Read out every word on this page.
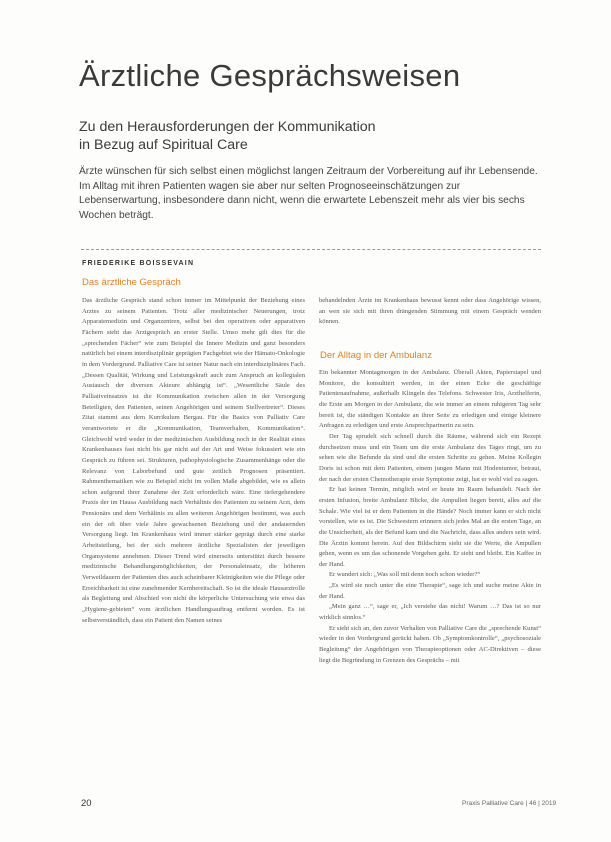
Ärztliche Gesprächsweisen
Zu den Herausforderungen der Kommunikation
in Bezug auf Spiritual Care

Ärzte wünschen für sich selbst einen möglichst langen Zeitraum der Vorbereitung auf ihr Lebensende. Im Alltag mit ihren Patienten wagen sie aber nur selten Prognoseeinschätzungen zur Lebenserwartung, insbesondere dann nicht, wenn die erwartete Lebenszeit mehr als vier bis sechs Wochen beträgt.

FRIEDERIKE BOISSEVAIN
Das ärztliche Gespräch

Das ärztliche Gespräch stand schon immer im Mittelpunkt der Beziehung eines Arztes zu seinem Patienten. Trotz aller medizinischer Neuerungen, trotz Apparatemedizin und Organzentren, selbst bei den operativen oder apparativen Fächern steht das Arztgespräch an erster Stelle. Umso mehr gilt dies für die „sprechenden Fächer“ wie zum Beispiel die Innere Medizin und ganz besonders natürlich bei einem interdisziplinär geprägten Fachgebiet wie der Hämato-Onkologie in dem Vordergrund. Palliative Care ist seiner Natur nach ein interdisziplinäres Fach. „Dessen Qualität, Wirkung und Leistungskraft auch zum Anspruch an kollegialen Austausch der diversen Akteure abhängig ist“. „Wesentliche Säule des Palliativeinsatzes ist die Kommunikation zwischen allen in der Versorgung Beteiligten, den Patienten, seinen Angehörigen und seinem Stellvertreter“. Dieses Zitat stammt aus dem Kurrikulum Bergau. Für die Basics von Palliativ Care verantwortete er die „Kommunikation, Teamverhalten, Kommunikation“. Gleichwohl wird weder in der medizinischen Ausbildung noch in der Realität eines Krankenhauses fast nicht bis gar nicht auf der Art und Weise fokussiert wie ein Gespräch zu führen sei. Strukturen, pathophysiologische Zusammenhänge oder die Relevanz von Laborbefund und gute zeitlich Prognosen präsentiert. Rahmenthematiken wie zu Beispiel nicht im vollen Maße abgebildet, wie es allein schon aufgrund ihrer Zunahme der Zeit erforderlich wäre. Eine tiefergehendere Praxis der im Hausa Ausbildung nach Verhältnis des Patienten zu seinem Arzt, dem Pensionärs und dem Verhältnis zu allen weiteren Angehörigen bestimmt, was auch ein der oft über viele Jahre gewachsenen Beziehung und der andauernden Versorgung liegt. Im Krankenhaus wird immer stärker geprägt durch eine starke Arbeitsteilung, bei der sich mehrere ärztliche Spezialisten der jeweiligen Organsysteme annehmen. Dieser Trend wird einerseits unterstützt durch bessere medizinische Behandlungsmöglichkeiten, der Personaleinsatz, die höheren Verweildauern der Patienten dies auch scheinbarer Kleinigkeiten wie die Pflege oder Erreichbarkeit ist eine zunehmender Kernbereitschaft. So ist die ideale Hausarztrolle als Begleitung und Abschied von nicht die körperliche Untersuchung wie etwa das „Hygiene-gebieten“ vom ärztlichen Handlungsauftrag entfernt worden. Es ist selbstverständlich, dass ein Patient den Namen seines

behandelnden Ärzte im Krankenhaus bewusst kennt oder dass Angehörige wissen, an wen sie sich mit ihren drängenden Stimmung mit einem Gespräch wenden können.

Der Alltag in der Ambulanz

Ein bekannter Montagmorgen in der Ambulanz. Überall Akten, Papierstapel und Monitore, die konsultiert werden, in der einen Ecke die geschäftige Patientenaufnahme, außerhalb Klingeln des Telefons. Schwester Iris, Arzthelferin, die Erste am Morgen in der Ambulanz, die wie immer an einem ruhigeren Tag sehr bereit ist, die ständigen Kontakte an ihrer Seite zu erledigen und einige kleinere Anfragen zu erledigen und erste Ansprechpartnerin zu sein.

Der Tag sprudelt sich schnell durch die Räume, während sich ein Rezept durchsetzen muss und ein Team um die erste Ambulanz des Tages ringt, um zu sehen wie die Befunde da sind und die ersten Schritte zu gehen. Meine Kollegin Doris ist schon mit dem Patienten, einem jungen Mann mit Hodentumor, betraut, der nach der ersten Chemotherapie erste Symptome zeigt, hat er wohl viel zu sagen.

Er hat keinen Termin, möglich wird er heute im Raum behandelt. Nach der ersten Infusion, breite Ambulanz Blicke, die Ampullen liegen bereit, alles auf die Schale. Wie viel ist er dem Patienten in die Hände? Noch immer kann er sich nicht vorstellen, wie es ist. Die Schwestern erinnern sich jedes Mal an die ersten Tage, an die Unsicherheit, als der Befund kam und die Nachricht, dass alles anders sein wird. Die Ärztin kommt herein. Auf den Bildschirm sieht sie die Werte, die Ampullen gehen, wenn es um das schonende Vorgehen geht. Er sieht und bleibt. Ein Kaffee in der Hand.

Er wundert sich: „Was soll mit denn noch schon wieder?“

„Es wird sie noch unter die eine Therapie“, sage ich und suche meine Akte in der Hand.

„Mein ganz …“, sage er, „Ich verstehe das nicht! Warum …? Das ist so nur wirklich sinnlos.“

Er sieht sich an, den zuvor Verhalten von Palliative Care die „sprechende Kunst“ wieder in den Vordergrund gerückt haben. Ob „Symptomkontrolle“, „psychosoziale Begleitung“ der Angehörigen von Therapieoptionen oder AC-Direktiven – diese liegt die Begründung in Grenzen des Gesprächs – mit

20	Praxis Palliative Care | 46 | 2019
